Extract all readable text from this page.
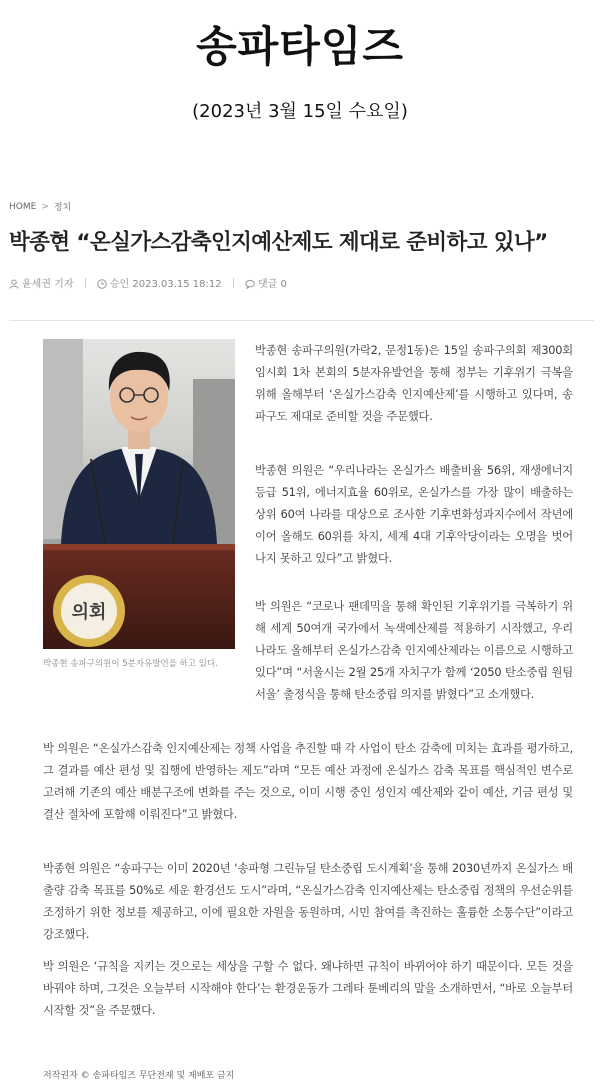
송파타임즈
(2023년 3월 15일 수요일)
HOME > 정치
박종현 “온실가스감축인지예산제도 제대로 준비하고 있나”
윤세권 기자	승인 2023.03.15 18:12	댓글 0
의회
박종현 송파구의원이 5분자유발언을 하고 있다.

박종현 송파구의원(가락2, 문정1동)은 15일 송파구의회 제300회 임시회 1차 본회의 5분자유발언을 통해 정부는 기후위기 극복을 위해 올해부터 ‘온실가스감축 인지예산제’를 시행하고 있다며, 송파구도 제대로 준비할 것을 주문했다.

박종현 의원은 “우리나라는 온실가스 배출비율 56위, 재생에너지 등급 51위, 에너지효율 60위로, 온실가스를 가장 많이 배출하는 상위 60여 나라를 대상으로 조사한 기후변화성과지수에서 작년에 이어 올해도 60위를 차지, 세계 4대 기후악당이라는 오명을 벗어나지 못하고 있다”고 밝혔다.

박 의원은 “코로나 팬데믹을 통해 확인된 기후위기를 극복하기 위해 세계 50여개 국가에서 녹색예산제를 적용하기 시작했고, 우리나라도 올해부터 온실가스감축 인지예산제라는 이름으로 시행하고 있다”며 “서울시는 2월 25개 자치구가 함께 ‘2050 탄소중립 원팀 서울’ 출정식을 통해 탄소중립 의지를 밝혔다”고 소개했다.

박 의원은 “온실가스감축 인지예산제는 정책 사업을 추진할 때 각 사업이 탄소 감축에 미치는 효과를 평가하고, 그 결과를 예산 편성 및 집행에 반영하는 제도”라며 “모든 예산 과정에 온실가스 감축 목표를 핵심적인 변수로 고려해 기존의 예산 배분구조에 변화를 주는 것으로, 이미 시행 중인 성인지 예산제와 같이 예산, 기금 편성 및 결산 절차에 포함해 이뤄진다”고 밝혔다.

박종현 의원은 “송파구는 이미 2020년 ‘송파형 그린뉴딜 탄소중립 도시계획’을 통해 2030년까지 온실가스 배출량 감축 목표를 50%로 세운 환경선도 도시”라며, “온실가스감축 인지예산제는 탄소중립 정책의 우선순위를 조정하기 위한 정보를 제공하고, 이에 필요한 자원을 동원하며, 시민 참여를 촉진하는 훌륭한 소통수단”이라고 강조했다.

박 의원은 ‘규칙을 지키는 것으로는 세상을 구할 수 없다. 왜냐하면 규칙이 바뀌어야 하기 때문이다. 모든 것을 바꿔야 하며, 그것은 오늘부터 시작해야 한다’는 환경운동가 그레타 툰베리의 말을 소개하면서, “바로 오늘부터 시작할 것”을 주문했다.

저작권자 © 송파타임즈 무단전재 및 재배포 금지
